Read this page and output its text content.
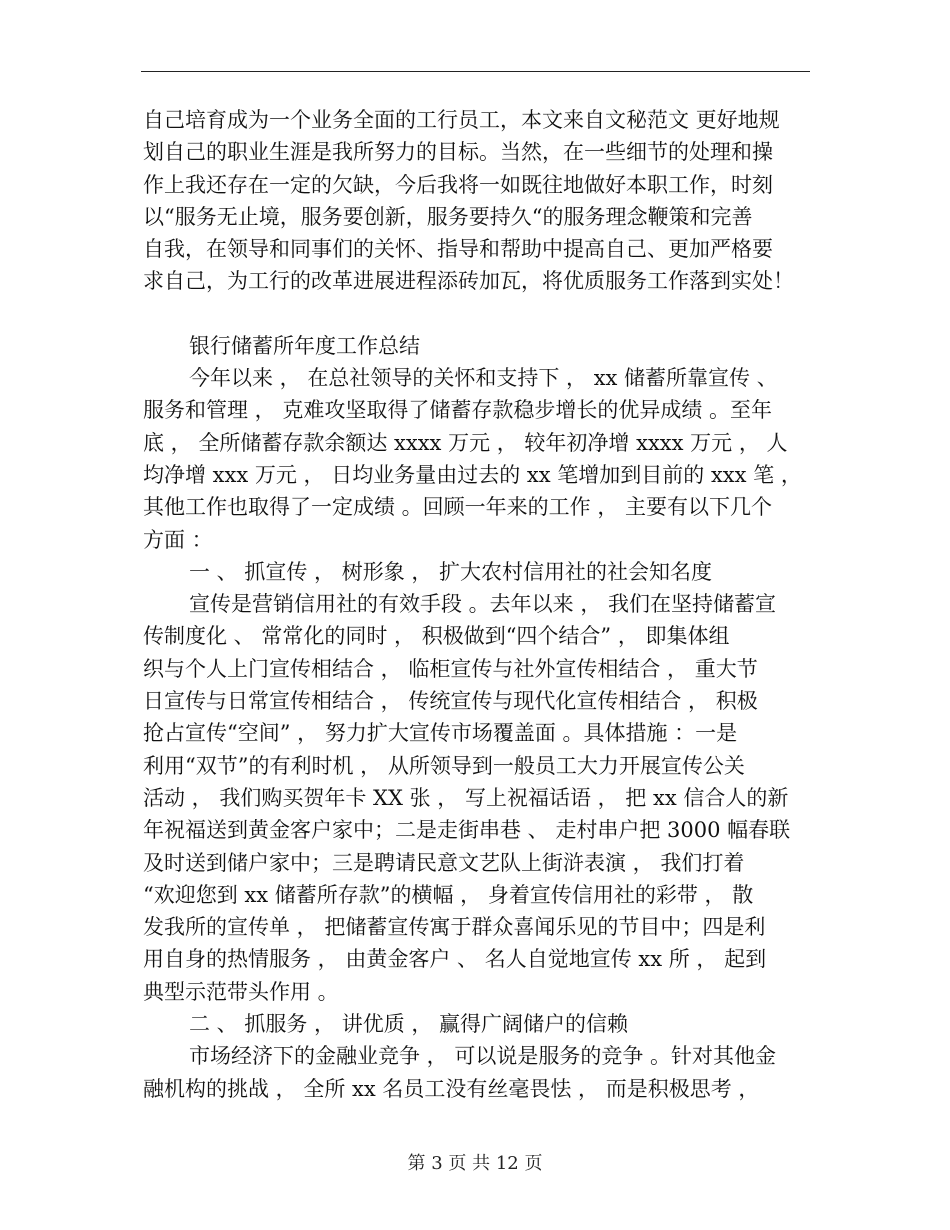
自己培育成为一个业务全面的工行员工，本文来自文秘范文 更好地规
划自己的职业生涯是我所努力的目标。当然，在一些细节的处理和操
作上我还存在一定的欠缺，今后我将一如既往地做好本职工作，时刻
以“服务无止境，服务要创新，服务要持久“的服务理念鞭策和完善
自我，在领导和同事们的关怀、指导和帮助中提高自己、更加严格要
求自己，为工行的改革进展进程添砖加瓦，将优质服务工作落到实处！
银行储蓄所年度工作总结
今年以来 ， 在总社领导的关怀和支持下 ， xx 储蓄所靠宣传 、
服务和管理 ， 克难攻坚取得了储蓄存款稳步增长的优异成绩 。至年
底 ， 全所储蓄存款余额达 xxxx 万元 ， 较年初净增 xxxx 万元 ， 人
均净增 xxx 万元 ， 日均业务量由过去的 xx 笔增加到目前的 xxx 笔 ，
其他工作也取得了一定成绩 。回顾一年来的工作 ， 主要有以下几个
方面 ：
一 、 抓宣传 ， 树形象 ， 扩大农村信用社的社会知名度
宣传是营销信用社的有效手段 。去年以来 ， 我们在坚持储蓄宣
传制度化 、 常常化的同时 ， 积极做到“四个结合” ， 即集体组
织与个人上门宣传相结合 ， 临柜宣传与社外宣传相结合 ， 重大节
日宣传与日常宣传相结合 ， 传统宣传与现代化宣传相结合 ， 积极
抢占宣传“空间” ， 努力扩大宣传市场覆盖面 。具体措施 ：一是
利用“双节”的有利时机 ， 从所领导到一般员工大力开展宣传公关
活动 ， 我们购买贺年卡 XX 张 ， 写上祝福话语 ， 把 xx 信合人的新
年祝福送到黄金客户家中；二是走街串巷 、 走村串户把 3000 幅春联
及时送到储户家中；三是聘请民意文艺队上街浒表演 ， 我们打着
“欢迎您到 xx 储蓄所存款”的横幅 ， 身着宣传信用社的彩带 ， 散
发我所的宣传单 ， 把储蓄宣传寓于群众喜闻乐见的节目中；四是利
用自身的热情服务 ， 由黄金客户 、 名人自觉地宣传 xx 所 ， 起到
典型示范带头作用 。
二 、 抓服务 ， 讲优质 ， 赢得广阔储户的信赖
市场经济下的金融业竞争 ， 可以说是服务的竞争 。针对其他金
融机构的挑战 ， 全所 xx 名员工没有丝毫畏怯 ， 而是积极思考 ，
第 3 页 共 12 页
